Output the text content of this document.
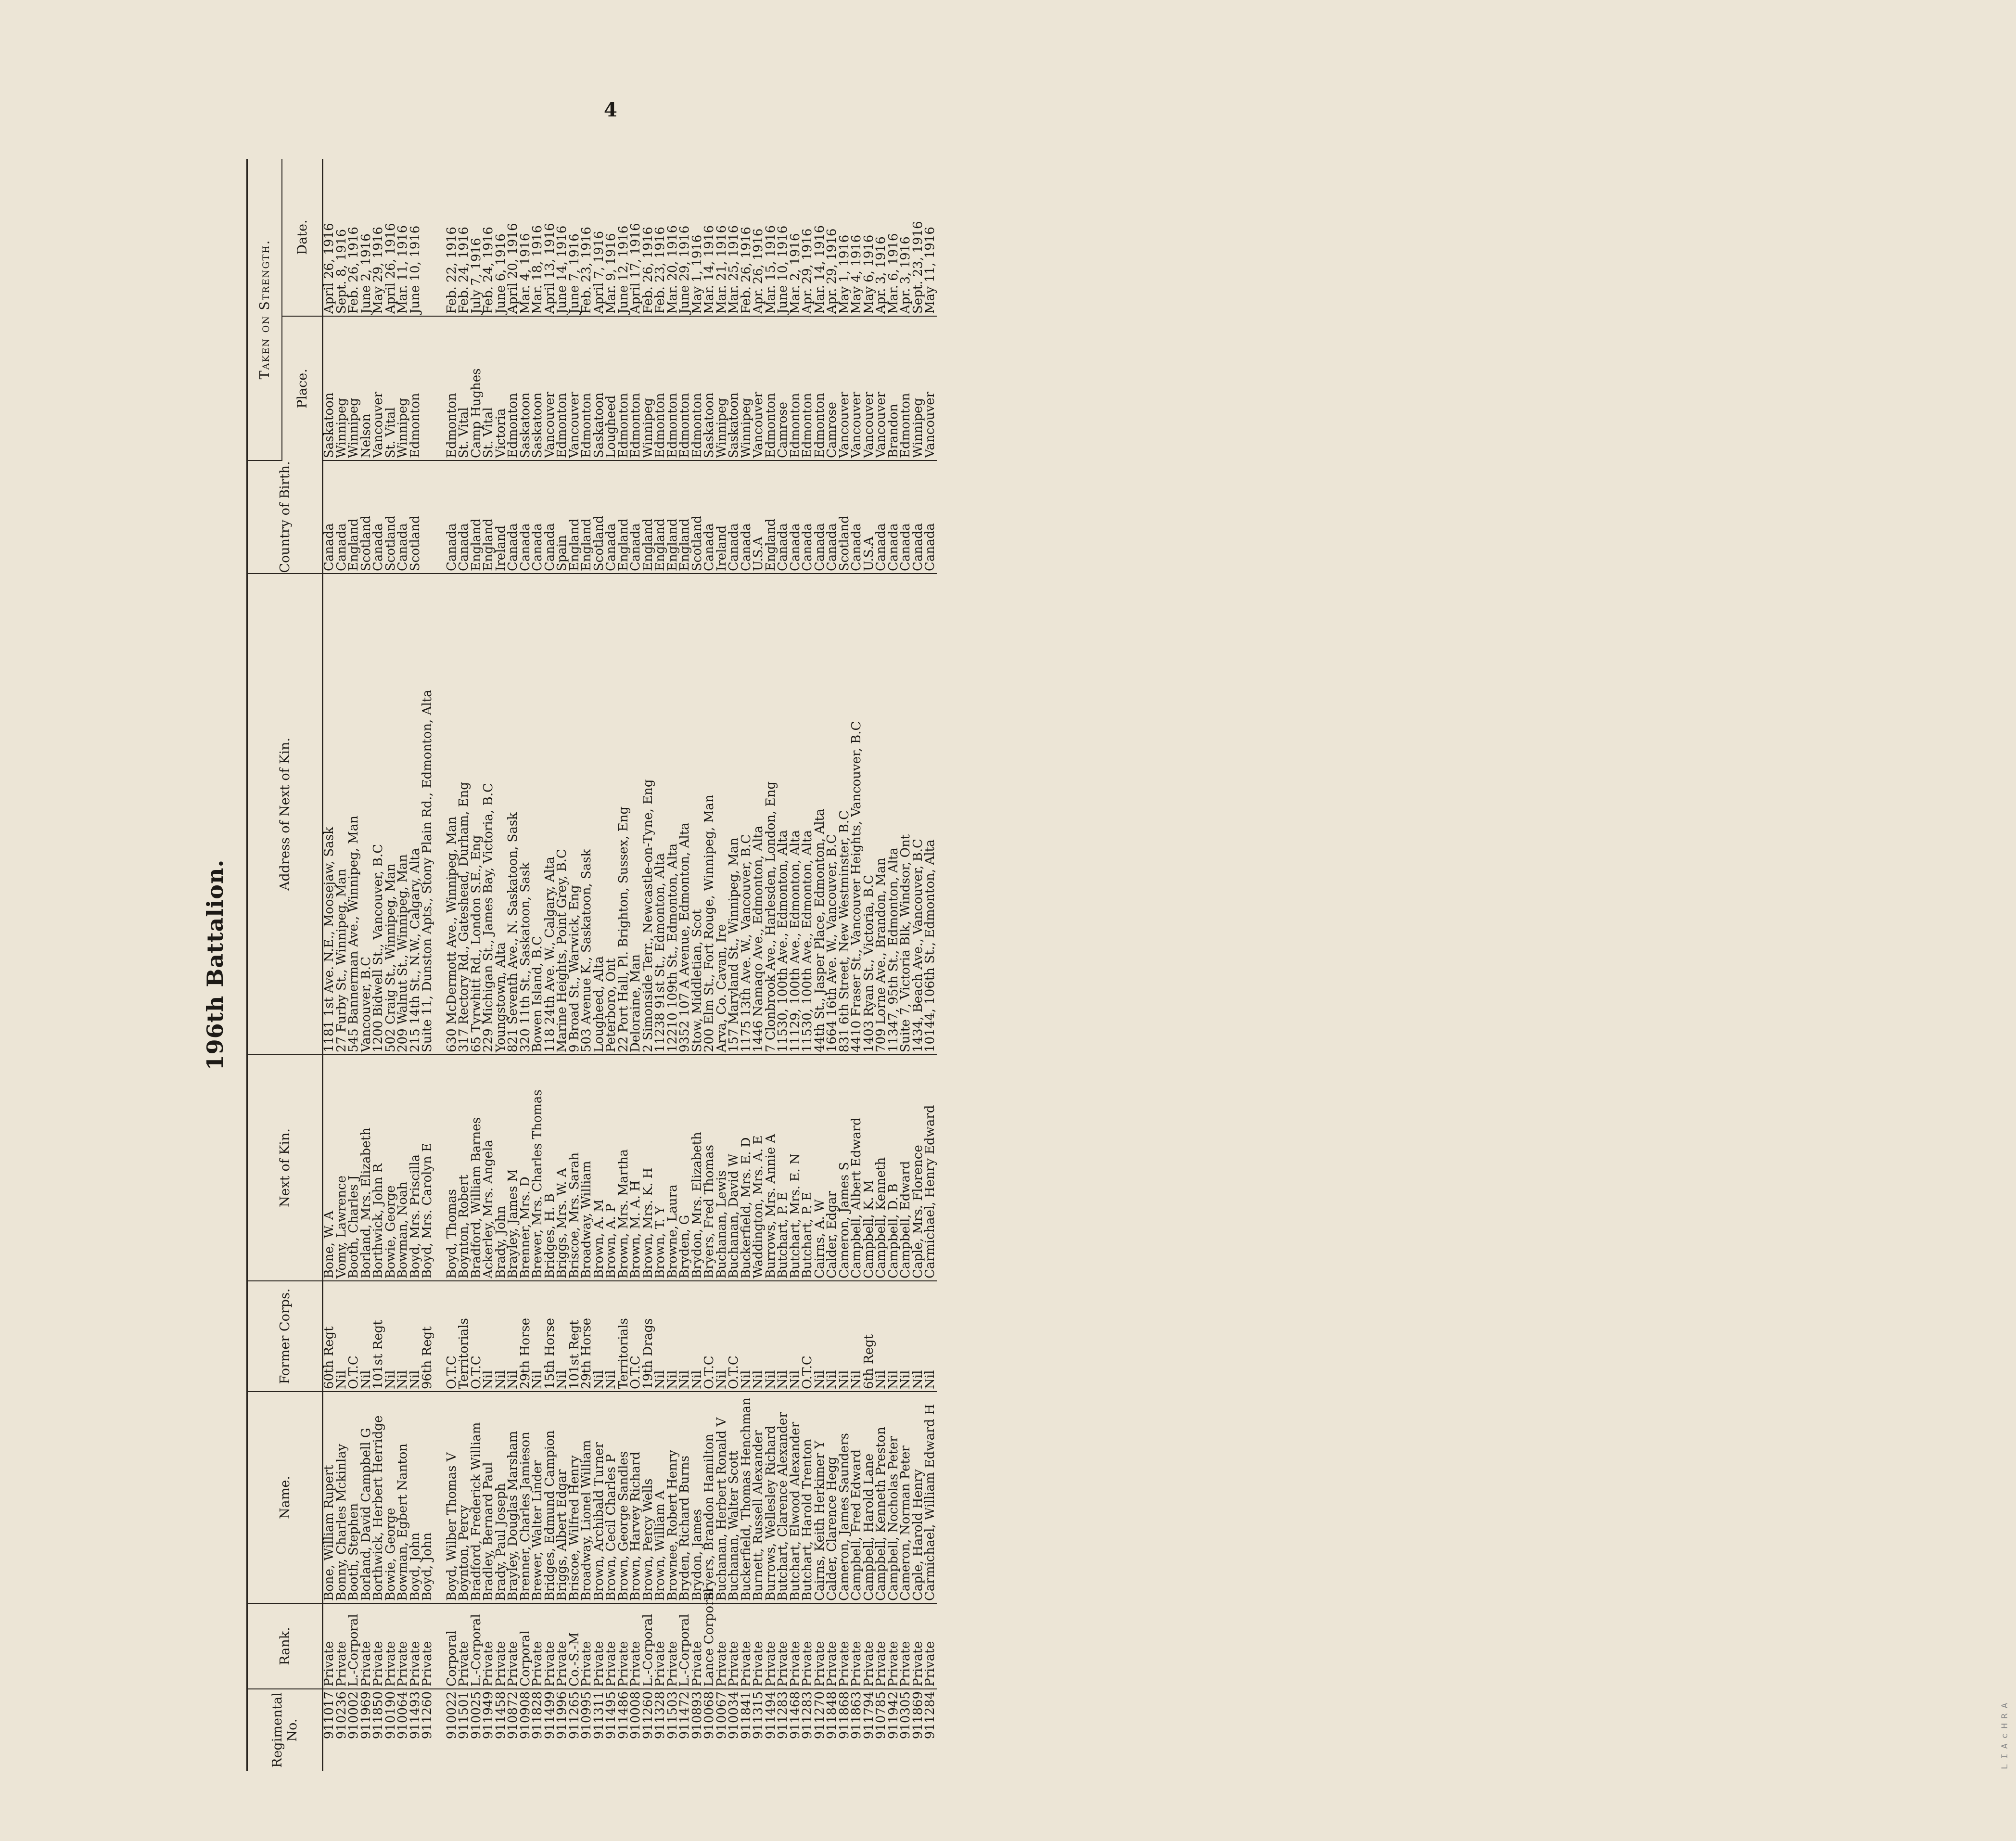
4
196th Battalion.
Regimental No.	Rank.	Name.	Former Corps.	Next of Kin.	Address of Next of Kin.	Country of Birth.	Taken on Strength.	
							Place.	Date.
911017	Private	Bone, William Rupert	60th Regt	Bone, W. A	1181 1st Ave. N.E., Moosejaw, Sask	Canada	Saskatoon	April 26, 1916
910236	Private	Bonny, Charles Mckinlay	Nil	Vomy, Lawrence	27 Furby St., Winnipeg, Man	Canada	Winnipeg	Sept. 8, 1916
910002	L.-Corporal	Booth, Stephen	O.T.C	Booth, Charles J	545 Bannerman Ave., Winnipeg, Man	England	Winnipeg	Feb. 26, 1916
911969	Private	Borland, David Campbell G	Nil	Borland, Mrs. Elizabeth	Vancouver, B.C	Scotland	Nelson	June 2, 1916
911850	Private	Borthwick, Herbert Herridge	101st Regt	Borthwick, John R	1200 Bidwell St., Vancouver, B.C	Canada	Vancouver	May 29, 1916
910190	Private	Bowie, George	Nil	Bowie, George	502 Craig St., Winnipeg, Man	Scotland	St. Vital	April 26, 1916
910064	Private	Bowman, Egbert Nanton	Nil	Bowman, Noah	209 Walnut St., Winnipeg, Man	Canada	Winnipeg	Mar. 11, 1916
911493	Private	Boyd, John	Nil	Boyd, Mrs. Priscilla	215 14th St., N.W., Calgary, Alta	Scotland	Edmonton	June 10, 1916
911260	Private	Boyd, John	96th Regt	Boyd, Mrs. Carolyn E	Suite 11, Dunston Apts., Stony Plain Rd., Edmonton, Alta			

910022	Corporal	Boyd, Wilber Thomas V	O.T.C	Boyd, Thomas	630 McDermott Ave., Winnipeg, Man	Canada	Edmonton	Feb. 22, 1916
911501	Private	Boynton, Percy	Territorials	Boynton, Robert	317 Rectory Rd., Gateshead, Durham, Eng	Canada	St. Vital	Feb. 24, 1916
910025	L.-Corporal	Bradford, Frederick William	O.T.C	Bradford, William Barnes	65 Tyrwhitt Rd., London S.E., Eng	England	Camp Hughes	July 7, 1916
911949	Private	Bradley, Bernard Paul	Nil	Ackerley, Mrs. Angela	229 Michigan St., James Bay, Victoria, B.C	England	St. Vital	Feb. 24, 1916
911458	Private	Brady, Paul Joseph	Nil	Brady, John	Youngstown, Alta	Ireland	Victoria	June 6, 1916
910872	Private	Brayley, Douglas Marsham	Nil	Brayley, James M	821 Seventh Ave., N. Saskatoon, Sask	Canada	Edmonton	April 20, 1916
910908	Corporal	Brenner, Charles Jamieson	29th Horse	Brenner, Mrs. D	320 11th St., Saskatoon, Sask	Canada	Saskatoon	Mar. 4, 1916
911828	Private	Brewer, Walter Linder	Nil	Brewer, Mrs. Charles Thomas	Bowen Island, B.C	Canada	Saskatoon	Mar. 18, 1916
911499	Private	Bridges, Edmund Campion	15th Horse	Bridges, H. B	118 24th Ave. W., Calgary, Alta	Canada	Vancouver	April 13, 1916
911996	Private	Briggs, Albert Edgar	Nil	Briggs, Mrs. W. A	Marine Heights, Point Grey, B.C	Spain	Edmonton	June 14, 1916
911265	Co.-S.-M	Briscoe, Wilfred Henry	101st Regt	Briscoe, Mrs. Sarah	9 Broad St., Warwick, Eng	England	Vancouver	June 7, 1916
910995	Private	Broadway, Lionel William	29th Horse	Broadway, William	503 Avenue K., Saskatoon, Sask	England	Edmonton	Feb. 23, 1916
911311	Private	Brown, Archibald Turner	Nil	Brown, A. M	Lougheed, Alta	Scotland	Saskatoon	April 7, 1916
911495	Private	Brown, Cecil Charles P	Nil	Brown, A. P	Peterboro, Ont	Canada	Lougheed	Mar. 9, 1916
911486	Private	Brown, George Sandles	Territorials	Brown, Mrs. Martha	22 Port Hall, Pl. Brighton, Sussex, Eng	England	Edmonton	June 12, 1916
910008	Private	Brown, Harvey Richard	O.T.C	Brown, M. A. H	Deloraine, Man	Canada	Edmonton	April 17, 1916
911260	L.-Corporal	Brown, Percy Wells	19th Drags	Brown, Mrs. K. H	2 Simonside Terr., Newcastle-on-Tyne, Eng	England	Winnipeg	Feb. 26, 1916
911328	Private	Brown, William A	Nil	Brown, T. Y	11238 91st St., Edmonton, Alta	England	Edmonton	Feb. 23, 1916
911503	Private	Brownee, Robert Henry	Nil	Browne, Laura	12210 109th St., Edmonton, Alta	England	Edmonton	Mar. 20, 1916
911472	L.-Corporal	Bryden, Richard Burns	Nil	Bryden, G	9352 107 A Avenue, Edmonton, Alta	England	Edmonton	June 29, 1916
910893	Private	Brydon, James	Nil	Brydon, Mrs. Elizabeth	Stow, Middletian, Scot	Scotland	Edmonton	May 1, 1916
910068	Lance Corporal	Bryers, Brandon Hamilton	O.T.C	Bryers, Fred Thomas	200 Elm St., Fort Rouge, Winnipeg, Man	Canada	Saskatoon	Mar. 14, 1916
910067	Private	Buchanan, Herbert Ronald V	Nil	Buchanan, Lewis	Arva, Co. Cavan, Ire	Ireland	Winnipeg	Mar. 21, 1916
910034	Private	Buchanan, Walter Scott	O.T.C	Buchanan, David W	157 Maryland St., Winnipeg, Man	Canada	Saskatoon	Mar. 25, 1916
911841	Private	Buckerfield, Thomas Henchman	Nil	Buckerfield, Mrs. E. D	1175 13th Ave. W., Vancouver, B.C	Canada	Winnipeg	Feb. 26, 1916
911315	Private	Burnett, Russell Alexander	Nil	Waddington, Mrs. A. E	1446 Namaqo Ave., Edmonton, Alta	U.S.A	Vancouver	Apr. 26, 1916
911494	Private	Burrows, Wellesley Richard	Nil	Burrows, Mrs. Annie A	7 Clonbrook Ave., Harlesden, London, Eng	England	Edmonton	Mar. 15, 1916
911283	Private	Butchart, Clarence Alexander	Nil	Butchart, P. E	11530, 100th Ave., Edmonton, Alta	Canada	Camrose	June 10, 1916
911468	Private	Butchart, Elwood Alexander	Nil	Butchart, Mrs. E. N	11129, 100th Ave., Edmonton, Alta	Canada	Edmonton	Mar. 2, 1916
911283	Private	Butchart, Harold Trenton	O.T.C	Butchart, P. E	11530, 100th Ave., Edmonton, Alta	Canada	Edmonton	Apr. 29, 1916
911270	Private	Cairns, Keith Herkimer Y	Nil	Cairns, A. W	44th St., Jasper Place, Edmonton, Alta	Canada	Edmonton	Mar. 14, 1916
911848	Private	Calder, Clarence Hegg	Nil	Calder, Edgar	1664 16th Ave. W., Vancouver, B.C	Canada	Camrose	Apr. 29, 1916
911868	Private	Cameron, James Saunders	Nil	Cameron, James S	831 6th Street, New Westminster, B.C	Scotland	Vancouver	May 1, 1916
911863	Private	Campbell, Fred Edward	Nil	Campbell, Albert Edward	4410 Fraser St., Vancouver Heights, Vancouver, B.C	Canada	Vancouver	May 4, 1916
911794	Private	Campbell, Harold Lane	6th Regt	Campbell, K. M	1403 Ryan St., Victoria, B.C	U.S.A	Vancouver	May 6, 1916
910785	Private	Campbell, Kenneth Preston	Nil	Campbell, Kenneth	709 Lorne Ave., Brandon, Man	Canada	Vancouver	Apr. 3, 1916
911942	Private	Campbell, Nocholas Peter	Nil	Campbell, D. B	11347, 95th St., Edmonton, Alta	Canada	Brandon	Mar. 6, 1916
910305	Private	Cameron, Norman Peter	Nil	Campbell, Edward	Suite 7, Victoria Blk, Windsor, Ont	Canada	Edmonton	Apr. 3, 1916
911869	Private	Caple, Harold Henry	Nil	Caple, Mrs. Florence	1434, Beach Ave., Vancouver, B.C	Canada	Winnipeg	Sept. 23, 1916
911284	Private	Carmichael, William Edward H	Nil	Carmichael, Henry Edward	10144, 106th St., Edmonton, Alta	Canada	Vancouver	May 11, 1916
ᴸᴵᴬᶜᴴᴿᴬ
